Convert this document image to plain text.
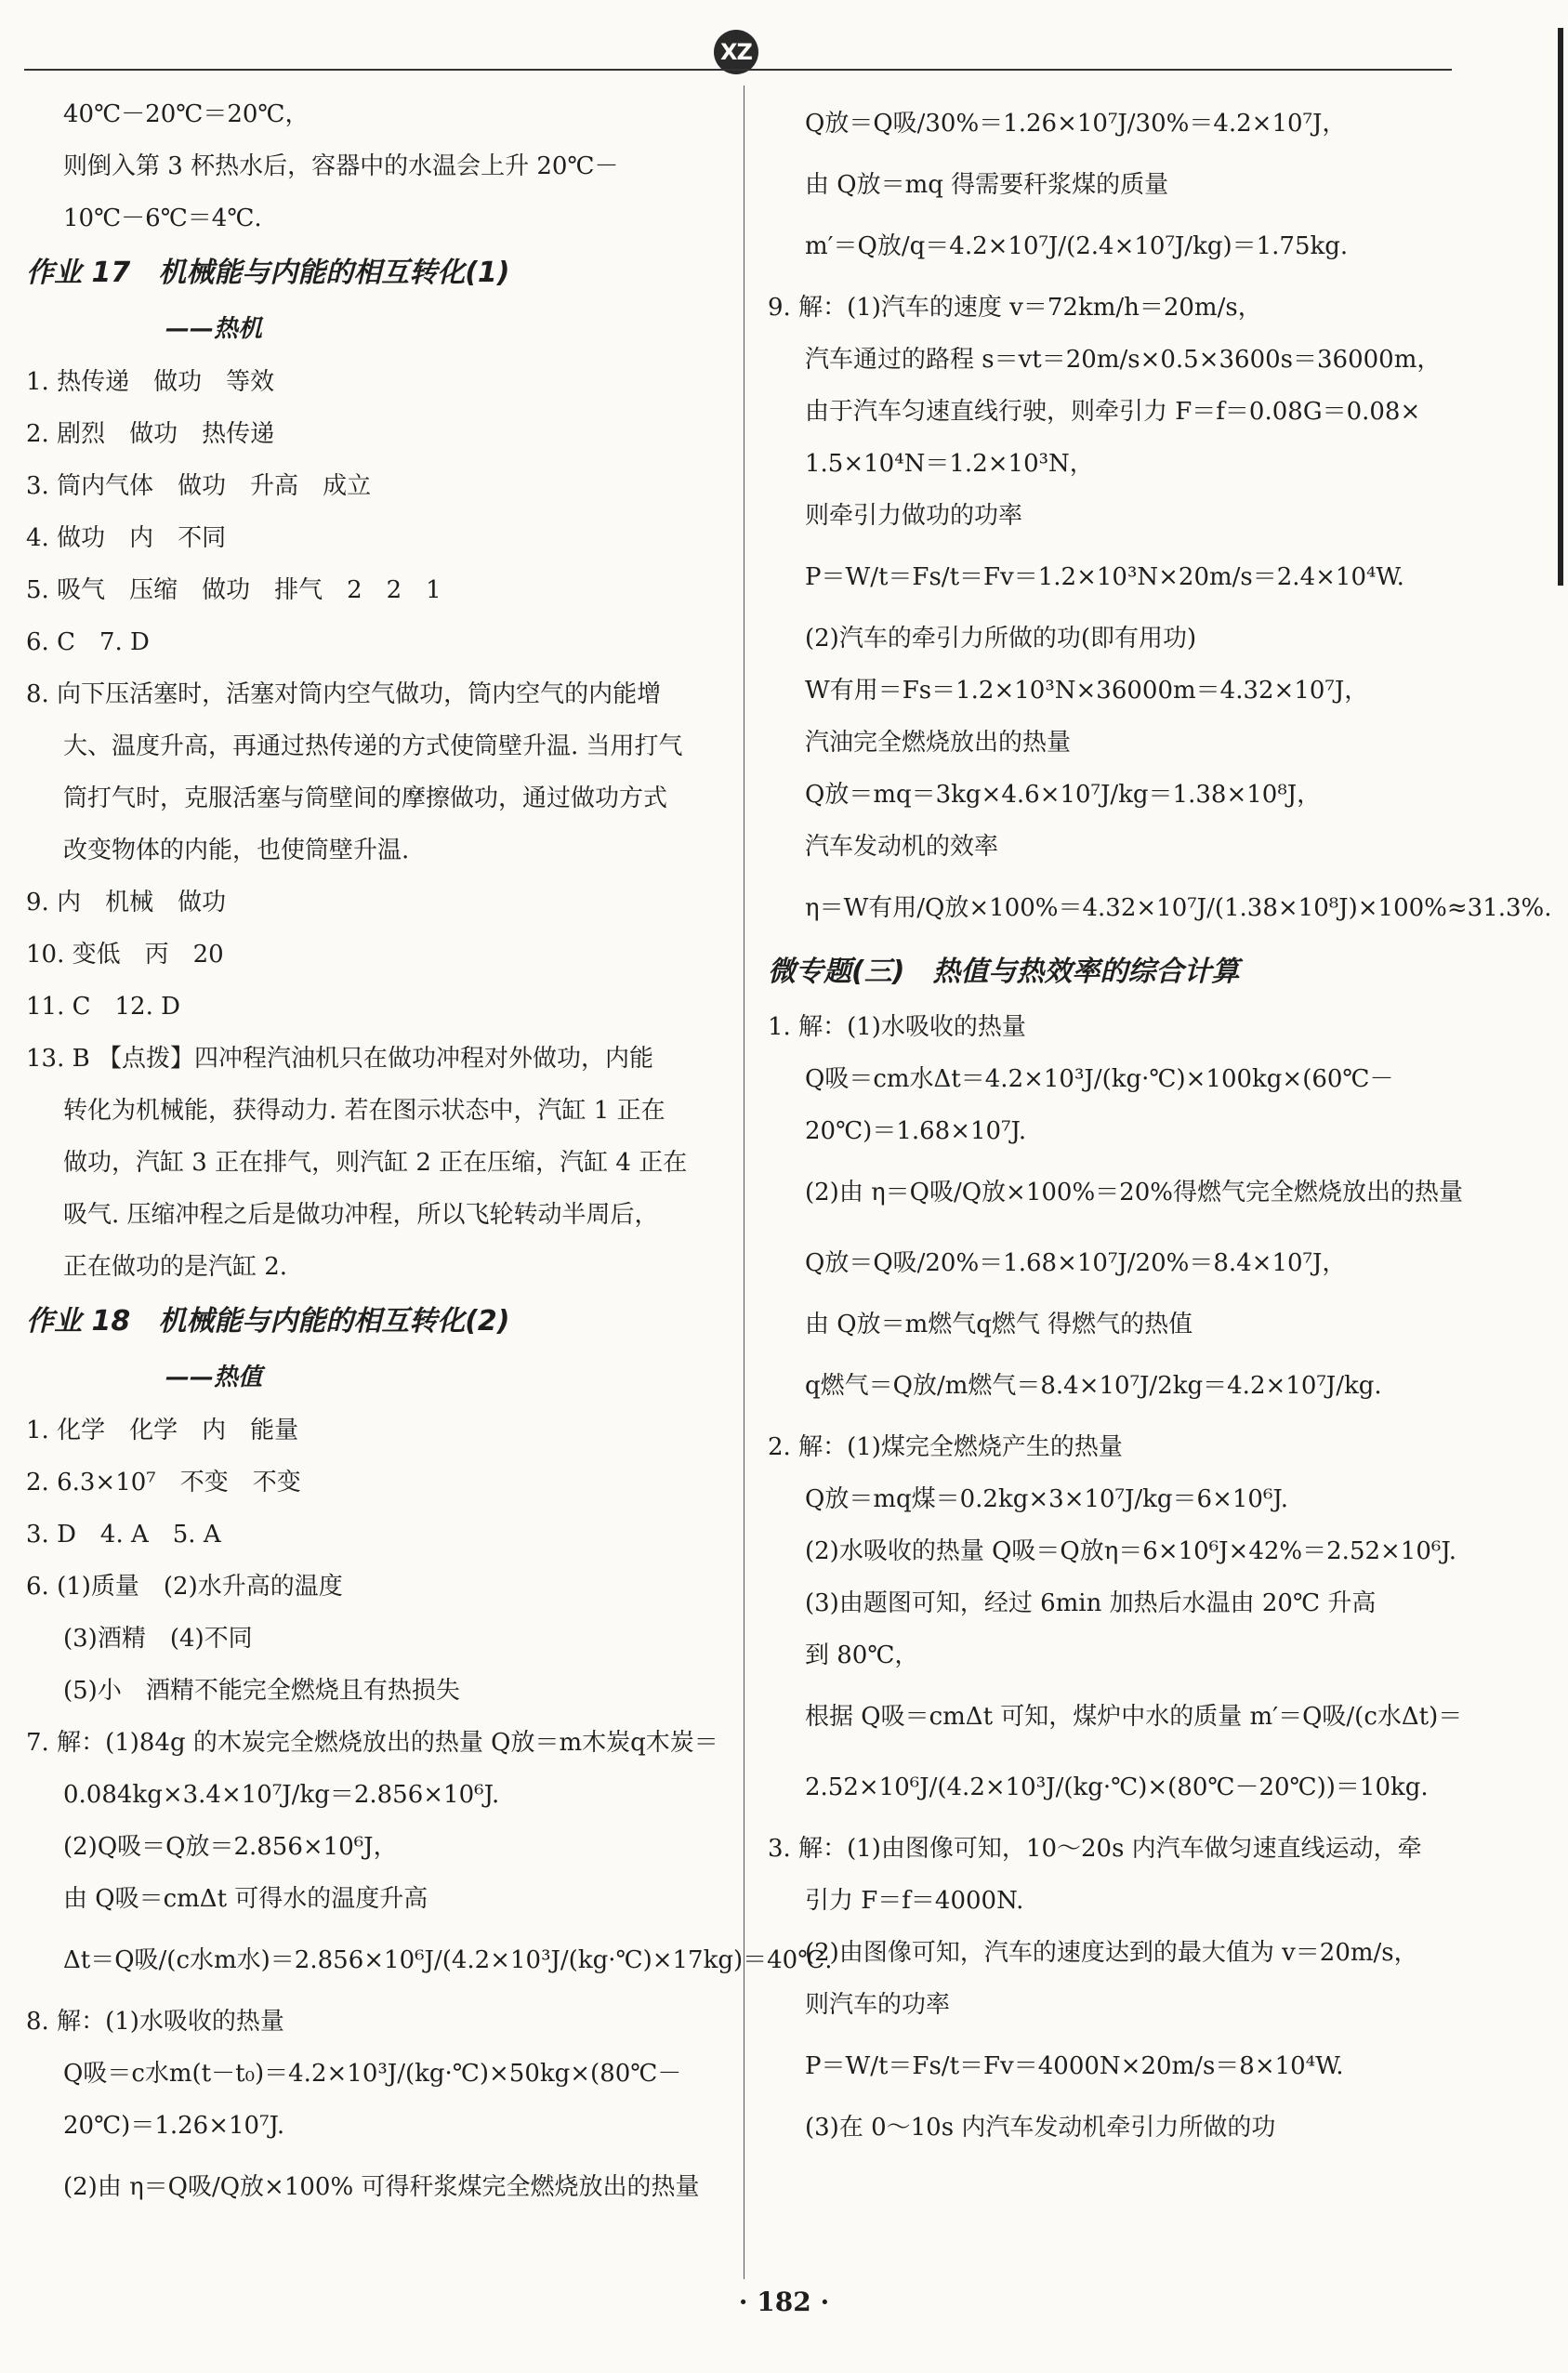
XZ
40℃－20℃＝20℃，
则倒入第 3 杯热水后，容器中的水温会上升 20℃－
10℃－6℃＝4℃.
作业 17　机械能与内能的相互转化(1)
——热机
1. 热传递　做功　等效
2. 剧烈　做功　热传递
3. 筒内气体　做功　升高　成立
4. 做功　内　不同
5. 吸气　压缩　做功　排气　2　2　1
6. C　7. D
8. 向下压活塞时，活塞对筒内空气做功，筒内空气的内能增
大、温度升高，再通过热传递的方式使筒壁升温. 当用打气
筒打气时，克服活塞与筒壁间的摩擦做功，通过做功方式
改变物体的内能，也使筒壁升温.
9. 内　机械　做功
10. 变低　丙　20
11. C　12. D
13. B 【点拨】四冲程汽油机只在做功冲程对外做功，内能
转化为机械能，获得动力. 若在图示状态中，汽缸 1 正在
做功，汽缸 3 正在排气，则汽缸 2 正在压缩，汽缸 4 正在
吸气. 压缩冲程之后是做功冲程，所以飞轮转动半周后，
正在做功的是汽缸 2.
作业 18　机械能与内能的相互转化(2)
——热值
1. 化学　化学　内　能量
2. 6.3×10⁷　不变　不变
3. D　4. A　5. A
6. (1)质量　(2)水升高的温度
(3)酒精　(4)不同
(5)小　酒精不能完全燃烧且有热损失
7. 解：(1)84g 的木炭完全燃烧放出的热量 Q放＝m木炭q木炭＝
0.084kg×3.4×10⁷J/kg＝2.856×10⁶J.
(2)Q吸＝Q放＝2.856×10⁶J，
由 Q吸＝cmΔt 可得水的温度升高
Δt＝Q吸/(c水m水)＝2.856×10⁶J/(4.2×10³J/(kg·℃)×17kg)＝40℃.
8. 解：(1)水吸收的热量
Q吸＝c水m(t－t₀)＝4.2×10³J/(kg·℃)×50kg×(80℃－
20℃)＝1.26×10⁷J.
(2)由 η＝Q吸/Q放×100% 可得秆浆煤完全燃烧放出的热量
Q放＝Q吸/30%＝1.26×10⁷J/30%＝4.2×10⁷J，
由 Q放＝mq 得需要秆浆煤的质量
m′＝Q放/q＝4.2×10⁷J/(2.4×10⁷J/kg)＝1.75kg.
9. 解：(1)汽车的速度 v＝72km/h＝20m/s，
汽车通过的路程 s＝vt＝20m/s×0.5×3600s＝36000m，
由于汽车匀速直线行驶，则牵引力 F＝f＝0.08G＝0.08×
1.5×10⁴N＝1.2×10³N，
则牵引力做功的功率
P＝W/t＝Fs/t＝Fv＝1.2×10³N×20m/s＝2.4×10⁴W.
(2)汽车的牵引力所做的功(即有用功)
W有用＝Fs＝1.2×10³N×36000m＝4.32×10⁷J，
汽油完全燃烧放出的热量
Q放＝mq＝3kg×4.6×10⁷J/kg＝1.38×10⁸J，
汽车发动机的效率
η＝W有用/Q放×100%＝4.32×10⁷J/(1.38×10⁸J)×100%≈31.3%.
微专题(三)　热值与热效率的综合计算
1. 解：(1)水吸收的热量
Q吸＝cm水Δt＝4.2×10³J/(kg·℃)×100kg×(60℃－
20℃)＝1.68×10⁷J.
(2)由 η＝Q吸/Q放×100%＝20%得燃气完全燃烧放出的热量
Q放＝Q吸/20%＝1.68×10⁷J/20%＝8.4×10⁷J，
由 Q放＝m燃气q燃气 得燃气的热值
q燃气＝Q放/m燃气＝8.4×10⁷J/2kg＝4.2×10⁷J/kg.
2. 解：(1)煤完全燃烧产生的热量
Q放＝mq煤＝0.2kg×3×10⁷J/kg＝6×10⁶J.
(2)水吸收的热量 Q吸＝Q放η＝6×10⁶J×42%＝2.52×10⁶J.
(3)由题图可知，经过 6min 加热后水温由 20℃ 升高
到 80℃，
根据 Q吸＝cmΔt 可知，煤炉中水的质量 m′＝Q吸/(c水Δt)＝
2.52×10⁶J/(4.2×10³J/(kg·℃)×(80℃－20℃))＝10kg.
3. 解：(1)由图像可知，10～20s 内汽车做匀速直线运动，牵
引力 F＝f＝4000N.
(2)由图像可知，汽车的速度达到的最大值为 v＝20m/s，
则汽车的功率
P＝W/t＝Fs/t＝Fv＝4000N×20m/s＝8×10⁴W.
(3)在 0～10s 内汽车发动机牵引力所做的功
· 182 ·
